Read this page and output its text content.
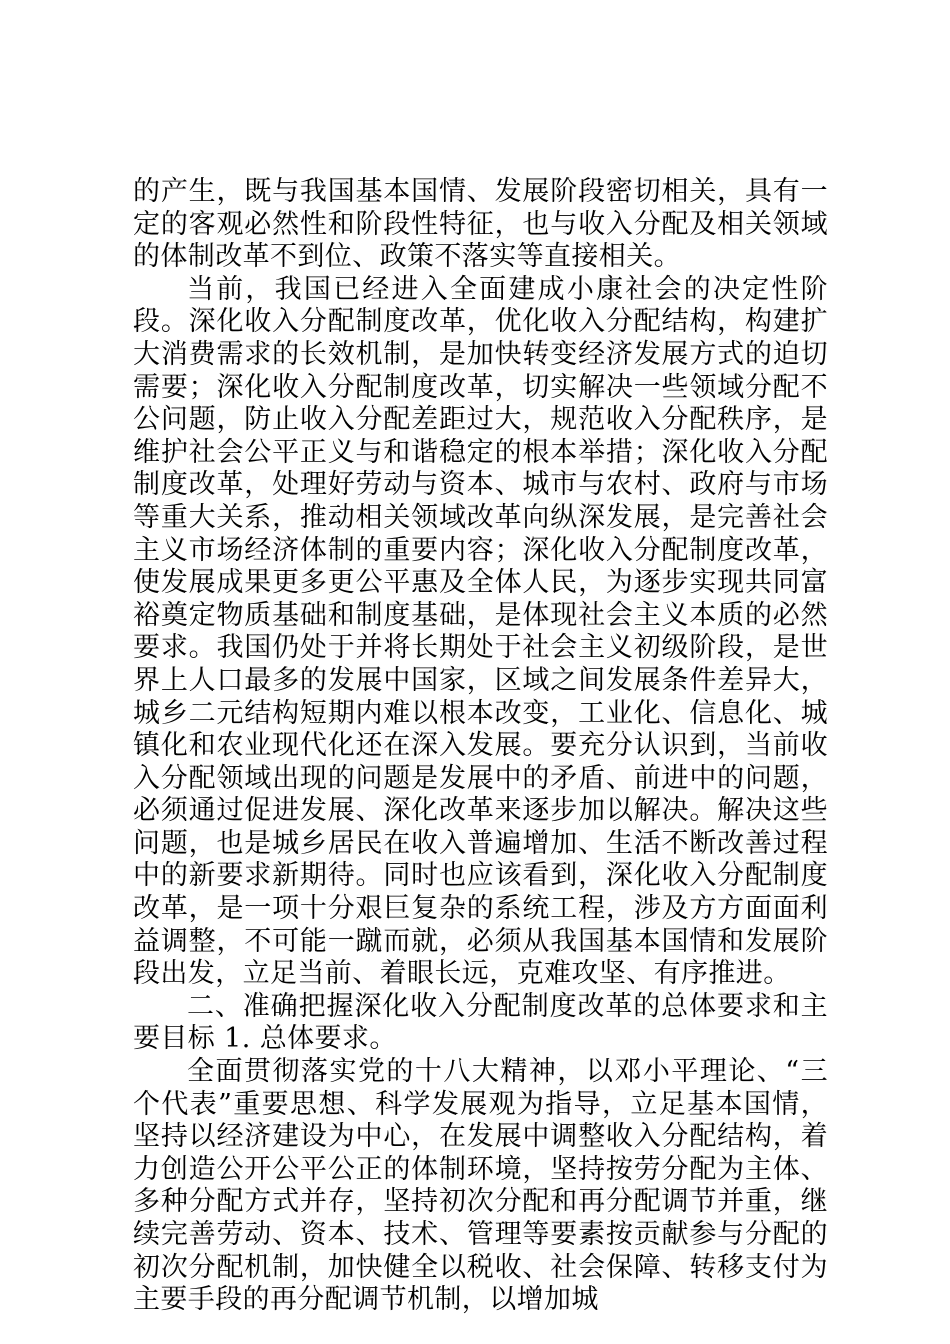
的产生，既与我国基本国情、发展阶段密切相关，具有一定的客观必然性和阶段性特征，也与收入分配及相关领域的体制改革不到位、政策不落实等直接相关。

当前，我国已经进入全面建成小康社会的决定性阶段。深化收入分配制度改革，优化收入分配结构，构建扩大消费需求的长效机制，是加快转变经济发展方式的迫切需要；深化收入分配制度改革，切实解决一些领域分配不公问题，防止收入分配差距过大，规范收入分配秩序，是维护社会公平正义与和谐稳定的根本举措；深化收入分配制度改革，处理好劳动与资本、城市与农村、政府与市场等重大关系，推动相关领域改革向纵深发展，是完善社会主义市场经济体制的重要内容；深化收入分配制度改革，使发展成果更多更公平惠及全体人民，为逐步实现共同富裕奠定物质基础和制度基础，是体现社会主义本质的必然要求。我国仍处于并将长期处于社会主义初级阶段，是世界上人口最多的发展中国家，区域之间发展条件差异大，城乡二元结构短期内难以根本改变，工业化、信息化、城镇化和农业现代化还在深入发展。要充分认识到，当前收入分配领域出现的问题是发展中的矛盾、前进中的问题，必须通过促进发展、深化改革来逐步加以解决。解决这些问题，也是城乡居民在收入普遍增加、生活不断改善过程中的新要求新期待。同时也应该看到，深化收入分配制度改革，是一项十分艰巨复杂的系统工程，涉及方方面面利益调整，不可能一蹴而就，必须从我国基本国情和发展阶段出发，立足当前、着眼长远，克难攻坚、有序推进。

二、准确把握深化收入分配制度改革的总体要求和主要目标 1. 总体要求。

全面贯彻落实党的十八大精神，以邓小平理论、“三个代表”重要思想、科学发展观为指导，立足基本国情，坚持以经济建设为中心，在发展中调整收入分配结构，着力创造公开公平公正的体制环境，坚持按劳分配为主体、多种分配方式并存，坚持初次分配和再分配调节并重，继续完善劳动、资本、技术、管理等要素按贡献参与分配的初次分配机制，加快健全以税收、社会保障、转移支付为主要手段的再分配调节机制，以增加城
